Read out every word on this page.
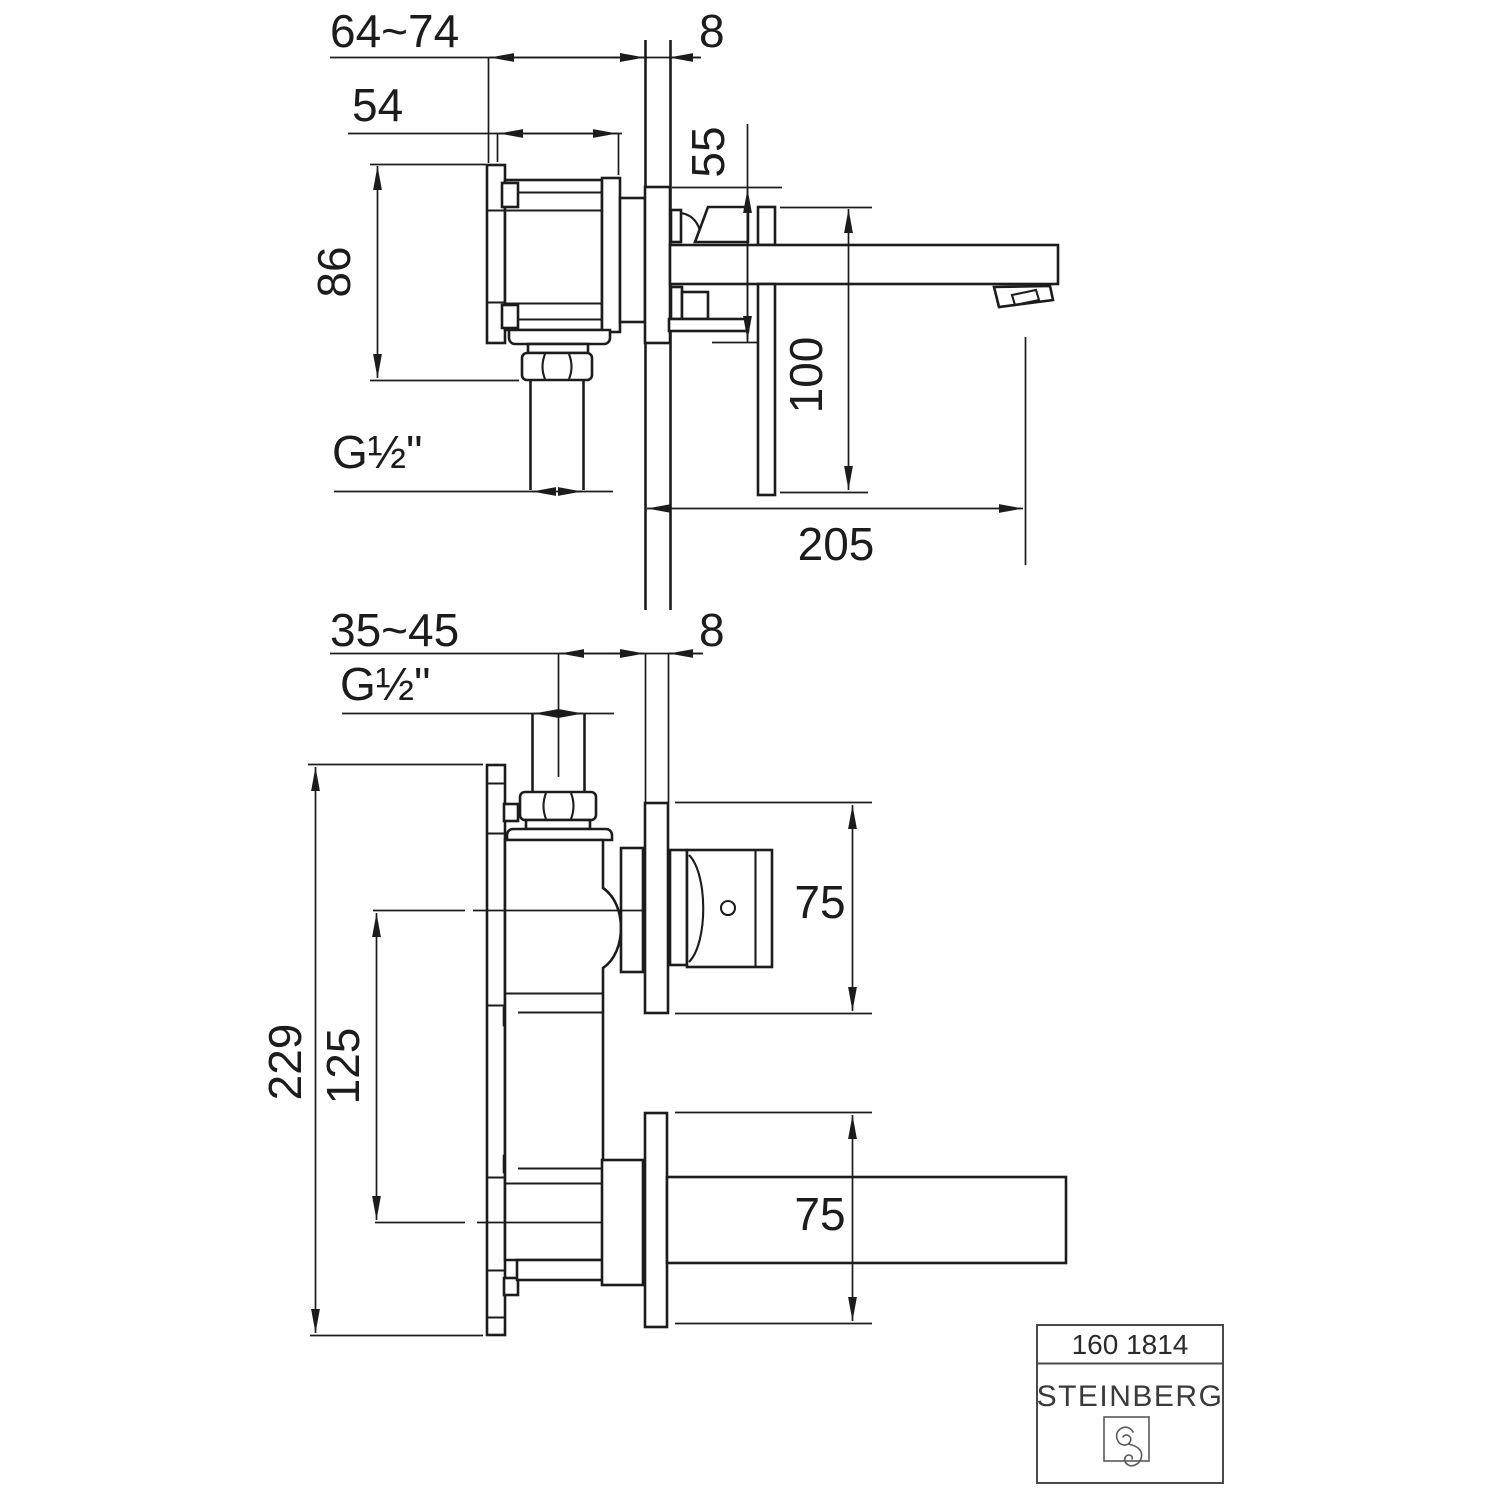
64~74	8
54
55
86
G½"
100
205
35~45	8
G½"
75
75
229 125
160 1814
STEINBERG
